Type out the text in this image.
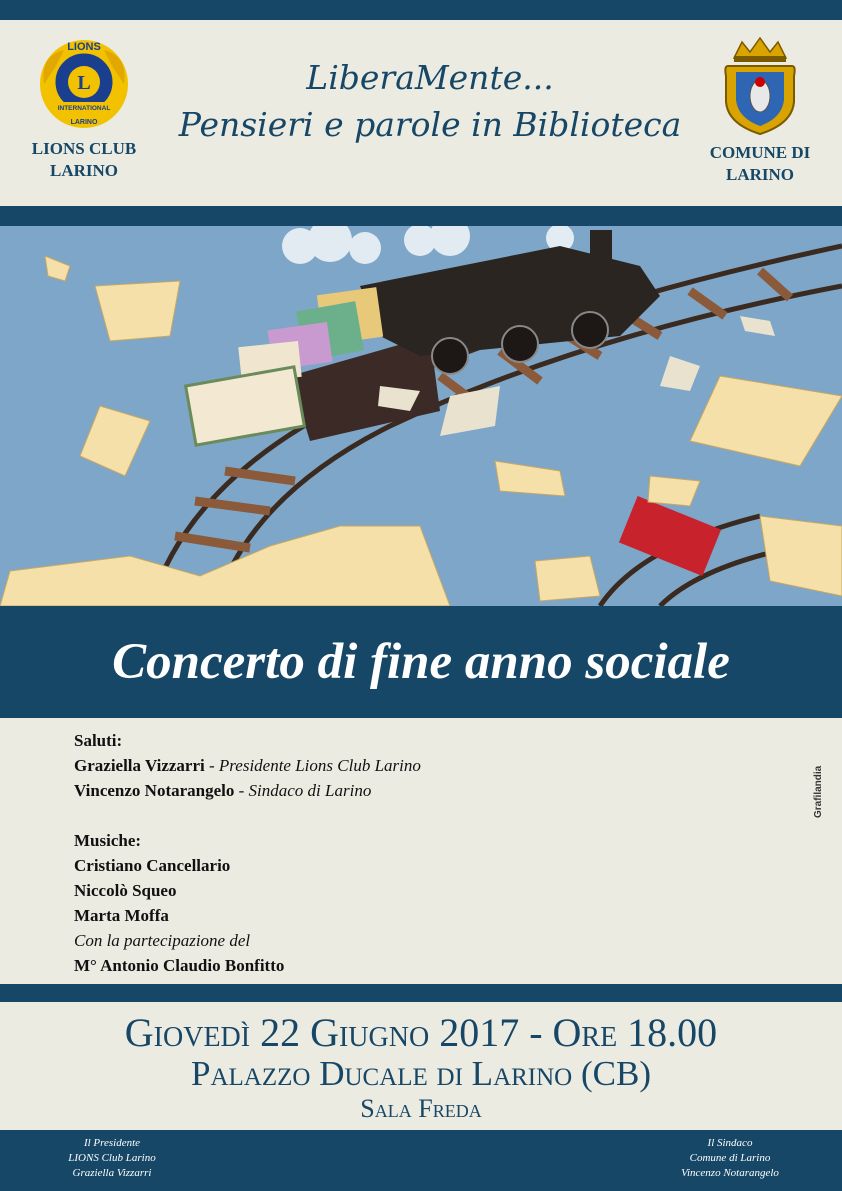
LIONS
L
INTERNATIONAL
LARINO
LIONS CLUB
LARINO
LiberaMente...
Pensieri e parole in Biblioteca
COMUNE DI
LARINO
Concerto di fine anno sociale
Saluti:
Graziella Vizzarri - Presidente Lions Club Larino
Vincenzo Notarangelo - Sindaco di Larino
Musiche:
Cristiano Cancellario
Niccolò Squeo
Marta Moffa
Con la partecipazione del
M° Antonio Claudio Bonfitto
Grafilandia
Giovedì 22 Giugno 2017 - Ore 18.00
Palazzo Ducale di Larino (CB)
Sala Freda
Il Presidente
LIONS Club Larino
Graziella Vizzarri
Il Sindaco
Comune di Larino
Vincenzo Notarangelo
